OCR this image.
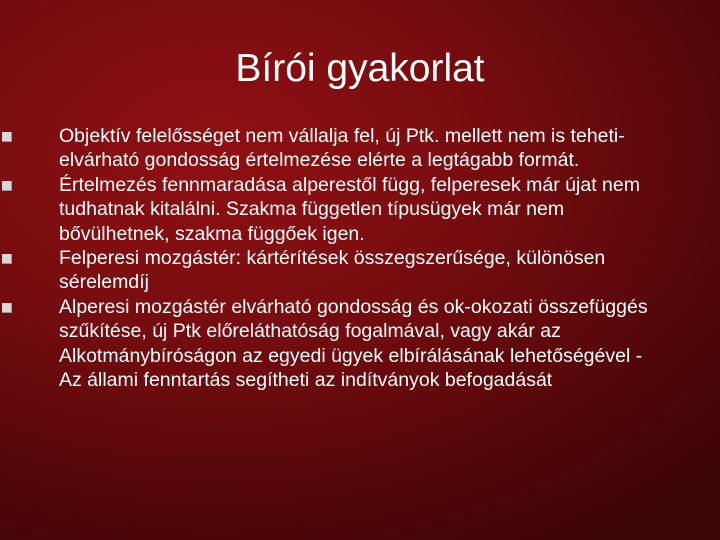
Bírói gyakorlat
Objektív felelősséget nem vállalja fel, új Ptk. mellett nem is teheti- elvárható gondosság értelmezése elérte a legtágabb formát.
Értelmezés fennmaradása alperestől függ, felperesek már újat nem tudhatnak kitalálni. Szakma független típusügyek már nem bővülhetnek, szakma függőek igen.
Felperesi mozgástér: kártérítések összegszerűsége, különösen sérelemdíj
Alperesi mozgástér elvárható gondosság és ok-okozati összefüggés szűkítése, új Ptk előreláthatóság fogalmával, vagy akár az Alkotmánybíróságon az egyedi ügyek elbírálásának lehetőségével - Az állami fenntartás segítheti az indítványok befogadását
